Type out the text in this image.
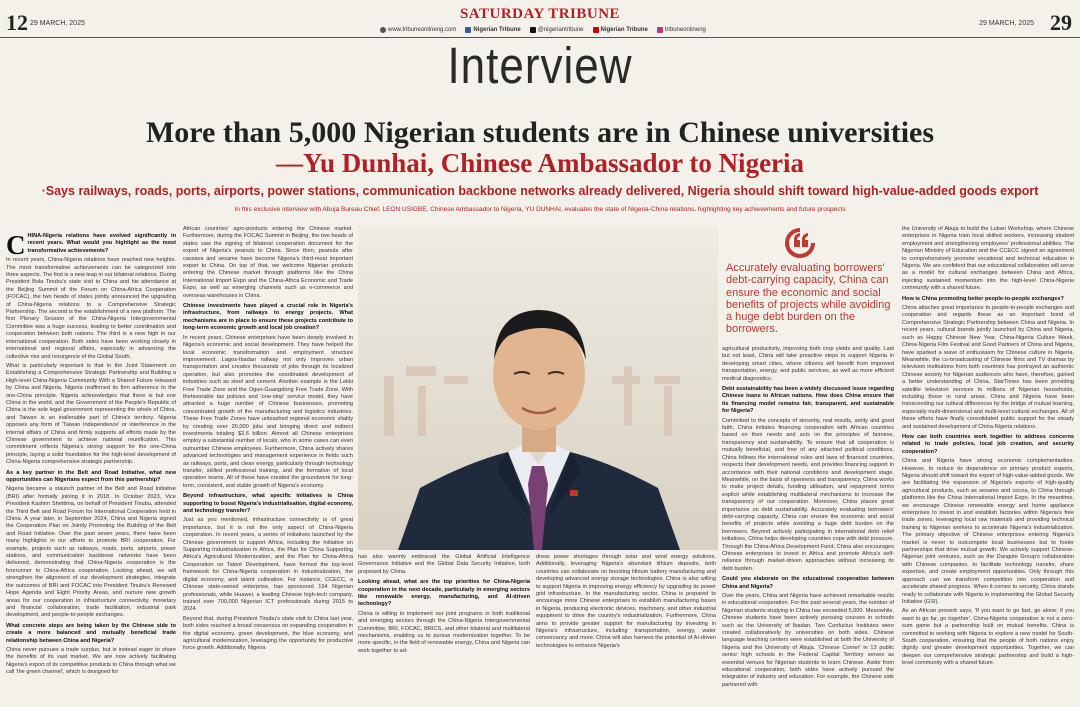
12 29 MARCH, 2025
SATURDAY TRIBUNE
www.tribuneonlineng.com	Nigerian Tribune	@nigeriantribune	Nigerian Tribune	tribuneonlineng
29 MARCH, 2025 29
Interview
More than 5,000 Nigerian students are in Chinese universities
—Yu Dunhai, Chinese Ambassador to Nigeria
·Says railways, roads, ports, airports, power stations, communication backbone networks already delivered, Nigeria should shift toward high-value-added goods export
In this exclusive interview with Abuja Bureau Chief, LEON USIGBE, Chinese Ambassador to Nigeria, YU DUNHAI, evaluates the state of Nigeria-China relations, highlighting key achievements and future prospects

CHINA-Nigeria relations have evolved significantly in recent years. What would you highlight as the most transformative achievements?

In recent years, China-Nigeria relations have reached new heights. The most transformative achievements can be categorized into three aspects. The first is a new leap in our bilateral relations. During President Bola Tinubu's state visit to China and his attendance at the Beijing Summit of the Forum on China-Africa Cooperation (FOCAC), the two heads of states jointly announced the upgrading of China-Nigeria relations to a Comprehensive Strategic Partnership. The second is the establishment of a new platform. The first Plenary Session of the China-Nigeria Intergovernmental Committee was a huge success, leading to better coordination and cooperation between both nations. The third is a new high in our international cooperation. Both sides have been working closely in international and regional affairs, especially in advancing the collective rise and resurgence of the Global South.

What is particularly important is that in the Joint Statement on Establishing a Comprehensive Strategic Partnership and Building a High-level China-Nigeria Community With a Shared Future released by China and Nigeria, Nigeria reaffirmed its firm adherence to the one-China principle. Nigeria acknowledges that there is but one China in the world, and the Government of the People's Republic of China is the sole legal government representing the whole of China, and Taiwan is an inalienable part of China's territory. Nigeria opposes any form of 'Taiwan Independence' or interference in the internal affairs of China and firmly supports all efforts made by the Chinese government to achieve national reunification. This commitment reflects Nigeria's strong support for the one-China principle, laying a solid foundation for the high-level development of China-Nigeria comprehensive strategic partnership.

As a key partner in the Belt and Road Initiative, what new opportunities can Nigerians expect from this partnership?

Nigeria became a staunch partner of the Belt and Road Initiative (BRI) after formally joining it in 2018. In October 2023, Vice President Kashim Shettima, on behalf of President Tinubu, attended the Third Belt and Road Forum for International Cooperation held in China. A year later, in September 2024, China and Nigeria signed the Cooperation Plan on Jointly Promoting the Building of the Belt and Road Initiative. Over the past seven years, there have been many highlights in our efforts to promote BRI cooperation. For example, projects such as railways, roads, ports, airports, power stations, and communication backbone networks have been delivered, demonstrating that China-Nigeria cooperation is the forerunner to China-Africa cooperation. Looking ahead, we will strengthen the alignment of our development strategies, integrate the outcomes of BRI and FOCAC into President Tinubu's Renewed Hope Agenda and Eight Priority Areas, and nurture new growth areas for our cooperation in infrastructure connectivity, monetary and financial collaboration, trade facilitation, industrial park development, and people-to-people exchanges.

What concrete steps are being taken by the Chinese side to create a more balanced and mutually beneficial trade relationship between China and Nigeria?

China never pursues a trade surplus, but is instead eager to share the benefits of its vast market. We are now actively facilitating Nigeria's export of its competitive products to China through what we call 'the green channel', which is designed for

African countries' agro-products entering the Chinese market. Furthermore, during the FOCAC Summit in Beijing, the two heads of states saw the signing of bilateral cooperation document for the export of Nigeria's peanuts to China. Since then, peanuts after cassava and sesame have become Nigeria's third-most important export to China. On top of that, we welcome Nigerian products entering the Chinese market through platforms like the China International Import Expo and the China-Africa Economic and Trade Expo, as well as emerging channels such as e-commerce and overseas warehouses in China.

Chinese investments have played a crucial role in Nigeria's infrastructure, from railways to energy projects. What mechanisms are in place to ensure these projects contribute to long-term economic growth and local job creation?

In recent years, Chinese enterprises have been deeply involved in Nigeria's economic and social development. They have helped the local economic transformation and employment structure improvement. Lagos-Ibadan railway not only improves urban transportation and creates thousands of jobs through its localized operation, but also promotes the coordinated development of industries such as steel and cement. Another example is the Lekki Free Trade Zone and the Ogun-Guangdong Free Trade Zone. With thefavorable tax policies and 'one-stop' service model, they have attracted a huge number of Chinese businesses, promoting concentrated growth of the manufacturing and logistics industries. These Free Trade Zones have unleashed regional economic vitality by creating over 20,000 jobs and bringing direct and indirect investments totaling $2.6 billion. Almost all Chinese enterprises employ a substantial number of locals, who in some cases can even outnumber Chinese employees. Furthermore, China actively shares advanced technologies and management experience in fields such as railways, ports, and clean energy, particularly through technology transfer, skilled professional training, and the formation of local operation teams. All of these have created the groundwork for long-term, consistent, and stable growth of Nigeria's economy.

Beyond infrastructure, what specific initiatives is China supporting to boost Nigeria's industrialisation, digital economy, and technology transfer?

Just as you mentioned, infrastructure connectivity is of great importance, but it is not the only aspect of China-Nigeria cooperation. In recent years, a series of initiatives launched by the Chinese government to support Africa, including the Initiative on Supporting Industrialization in Africa, the Plan for China Supporting Africa's Agricultural Modernization, and the Plan for China-Africa Cooperation on Talent Development, have formed the top-level framework for China-Nigeria cooperation in industrialization, the digital economy, and talent cultivation. For instance, CCECC, a Chinese state-owned enterprise, has sponsored 194 Nigerian professionals, while Huawei, a leading Chinese high-tech company, trained over 700,000 Nigerian ICT professionals during 2015 to 2024.

Beyond that, during President Tinubu's state visit to China last year, both sides reached a broad consensus on expanding cooperation in the digital economy, green development, the blue economy, and agricultural modernization, leveraging the opportunity for productive force growth. Additionally, Nigeria

has also warmly embraced the Global Artificial Intelligence Governance Initiative and the Global Data Security Initiative, both proposed by China.

Looking ahead, what are the top priorities for China-Nigeria cooperation in the next decade, particularly in emerging sectors like renewable energy, manufacturing, and AI-driven technology?

China is willing to implement our joint programs in both traditional and emerging sectors through the China-Nigeria Intergovernmental Committee, BRI, FOCAC, BRICS, and other bilateral and multilateral mechanisms, enabling us to pursue modernization together. To be more specific, in the field of renewable energy, China and Nigeria can work together to ad-

dress power shortages through solar and wind energy solutions. Additionally, leveraging Nigeria's abundant lithium deposits, both countries can collaborate on boosting lithium battery manufacturing and developing advanced energy storage technologies. China is also willing to support Nigeria in improving energy efficiency by upgrading its power grid infrastructure. In the manufacturing sector, China is prepared to encourage more Chinese enterprises to establish manufacturing bases in Nigeria, producing electronic devices, machinery, and other industrial equipment to drive the country's industrialization. Furthermore, China aims to provide greater support for manufacturing by investing in Nigeria's infrastructure, including transportation, energy, water conservancy and more. China will also harness the potential of AI-driven technologies to enhance Nigeria's

agricultural productivity, improving both crop yields and quality. Last but not least, China will take proactive steps to support Nigeria in developing smart cities, where citizens will benefit from improved transportation, energy, and public services, as well as more efficient medical diagnostics.

Debt sustainability has been a widely discussed issue regarding Chinese loans to African nations. How does China ensure that its financing model remains fair, transparent, and sustainable for Nigeria?

Committed to the concepts of sincerity, real results, amity and good faith, China initiates financing cooperation with African countries based on their needs and acts on the principles of fairness, transparency and sustainability. To ensure that all cooperation is mutually beneficial, and free of any attached political conditions, China follows the international rules and laws of financed countries, respects their development needs, and provides financing support in accordance with their national conditions and development stage. Meanwhile, on the basis of openness and transparency, China works to make project details, funding utilisation, and repayment terms explicit while establishing multilateral mechanisms to increase the transparency of our cooperation. Moreover, China places great importance on debt sustainability. Accurately evaluating borrowers' debt-carrying capacity, China can ensure the economic and social benefits of projects while avoiding a huge debt burden on the borrowers. Beyond actively participating in international debt relief initiatives, China helps developing countries cope with debt pressure. Through the China-Africa Development Fund, China also encourages Chinese enterprises to invest in Africa and promote Africa's self-reliance through market-driven approaches without increasing its debt burden.

Could you elaborate on the educational cooperation between China and Nigeria?

Over the years, China and Nigeria have achieved remarkable results in educational cooperation. For the past several years, the number of Nigerian students studying in China has exceeded 5,000. Meanwhile, Chinese students have been actively pursuing courses in schools such as the University of Ibadan. Two Confucius Institutes were created collaboratively by universities on both sides. Chinese language teaching centers were established at both the University of Nigeria and the University of Abuja. 'Chinese Corner' in 13 public senior high schools in the Federal Capital Territory serves as essential venues for Nigerian students to learn Chinese. Aside from educational cooperation, both sides have actively pursued the integration of industry and education. For example, the Chinese side partnered with

the University of Abuja to build the Luban Workshop, where Chinese enterprises in Nigeria train local skilled workers, increasing student employment and strengthening employees' professional abilities. The Nigerian Ministry of Education and the CCECC signed an agreement to comprehensively promote vocational and technical education in Nigeria. We are confident that our educational collaboration will serve as a model for cultural exchanges between China and Africa, injecting sustained momentum into the high-level China-Nigeria community with a shared future.

How is China promoting better people-to-people exchanges?

China attaches great importance to people-to-people exchanges and cooperation and regards these as an important bond of Comprehensive Strategic Partnership between China and Nigeria. In recent years, cultural brands jointly launched by China and Nigeria, such as Happy Chinese New Year, China-Nigeria Culture Week, China-Nigeria Film Festival and Good Partners of China and Nigeria, have sparked a wave of enthusiasm for Chinese culture in Nigeria. Meanwhile, the co-broadcasting of Chinese films and TV dramas by television institutions from both countries has portrayed an authentic Chinese society for Nigerian audiences who have, therefore, gained a better understanding of China. StarTimes has been providing satellite television services to millions of Nigerian households, including those in rural areas. China and Nigeria have been transcending our cultural differences by the bridge of mutual learning, especially multi-dimensional and multi-level cultural exchanges. All of these efforts have finally consolidated public support for the steady and sustained development of China-Nigeria relations.

How can both countries work together to address concerns related to trade policies, local job creation, and security cooperation?

China and Nigeria have strong economic complementarities. However, to reduce its dependence on primary product exports, Nigeria should shift toward the export of high-value-added goods. We are facilitating the expansion of Nigeria's exports of high-quality agricultural products, such as sesame and cocoa, to China through platforms like the China International Import Expo. In the meantime, we encourage Chinese renewable energy and home appliance enterprises to invest in and establish factories within Nigeria's free trade zones, leveraging local raw materials and providing technical training to Nigerian workers to accelerate Nigeria's industrialization. The primary objective of Chinese enterprises entering Nigeria's market is never to outcompete local businesses but to foster partnerships that drive mutual growth. We actively support Chinese-Nigerian joint ventures, such as the Dangote Group's collaboration with Chinese companies, to facilitate technology transfer, share expertise, and create employment opportunities. Only through this approach can we transform competition into cooperation and accelerate shared progress. When it comes to security, China stands ready to collaborate with Nigeria in implementing the Global Security Initiative (GSI).

As an African proverb says, 'If you want to go fast, go alone; if you want to go far, go together'. China-Nigeria cooperation is not a zero-sum game but a partnership built on mutual benefits. China is committed to working with Nigeria to explore a new model for South-South cooperation, ensuring that the people of both nations enjoy dignity and greater development opportunities. Together, we can deepen our comprehensive strategic partnership and build a high-level community with a shared future.

Accurately evaluating borrowers' debt-carrying capacity, China can ensure the economic and social benefits of projects while avoiding a huge debt burden on the borrowers.
